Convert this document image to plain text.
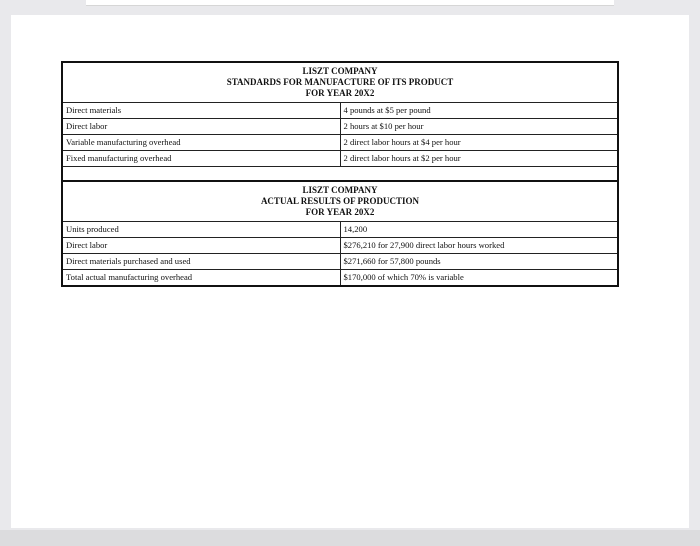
LISZT COMPANY
STANDARDS FOR MANUFACTURE OF ITS PRODUCT
FOR YEAR 20X2	

Direct materials	4 pounds at $5 per pound
Direct labor	2 hours at $10 per hour
Variable manufacturing overhead	2 direct labor hours at $4 per hour
Fixed manufacturing overhead	2 direct labor hours at $2 per hour

LISZT COMPANY
ACTUAL RESULTS OF PRODUCTION
FOR YEAR 20X2	

Units produced	14,200
Direct labor	$276,210 for 27,900 direct labor hours worked
Direct materials purchased and used	$271,660 for 57,800 pounds
Total actual manufacturing overhead	$170,000 of which 70% is variable
